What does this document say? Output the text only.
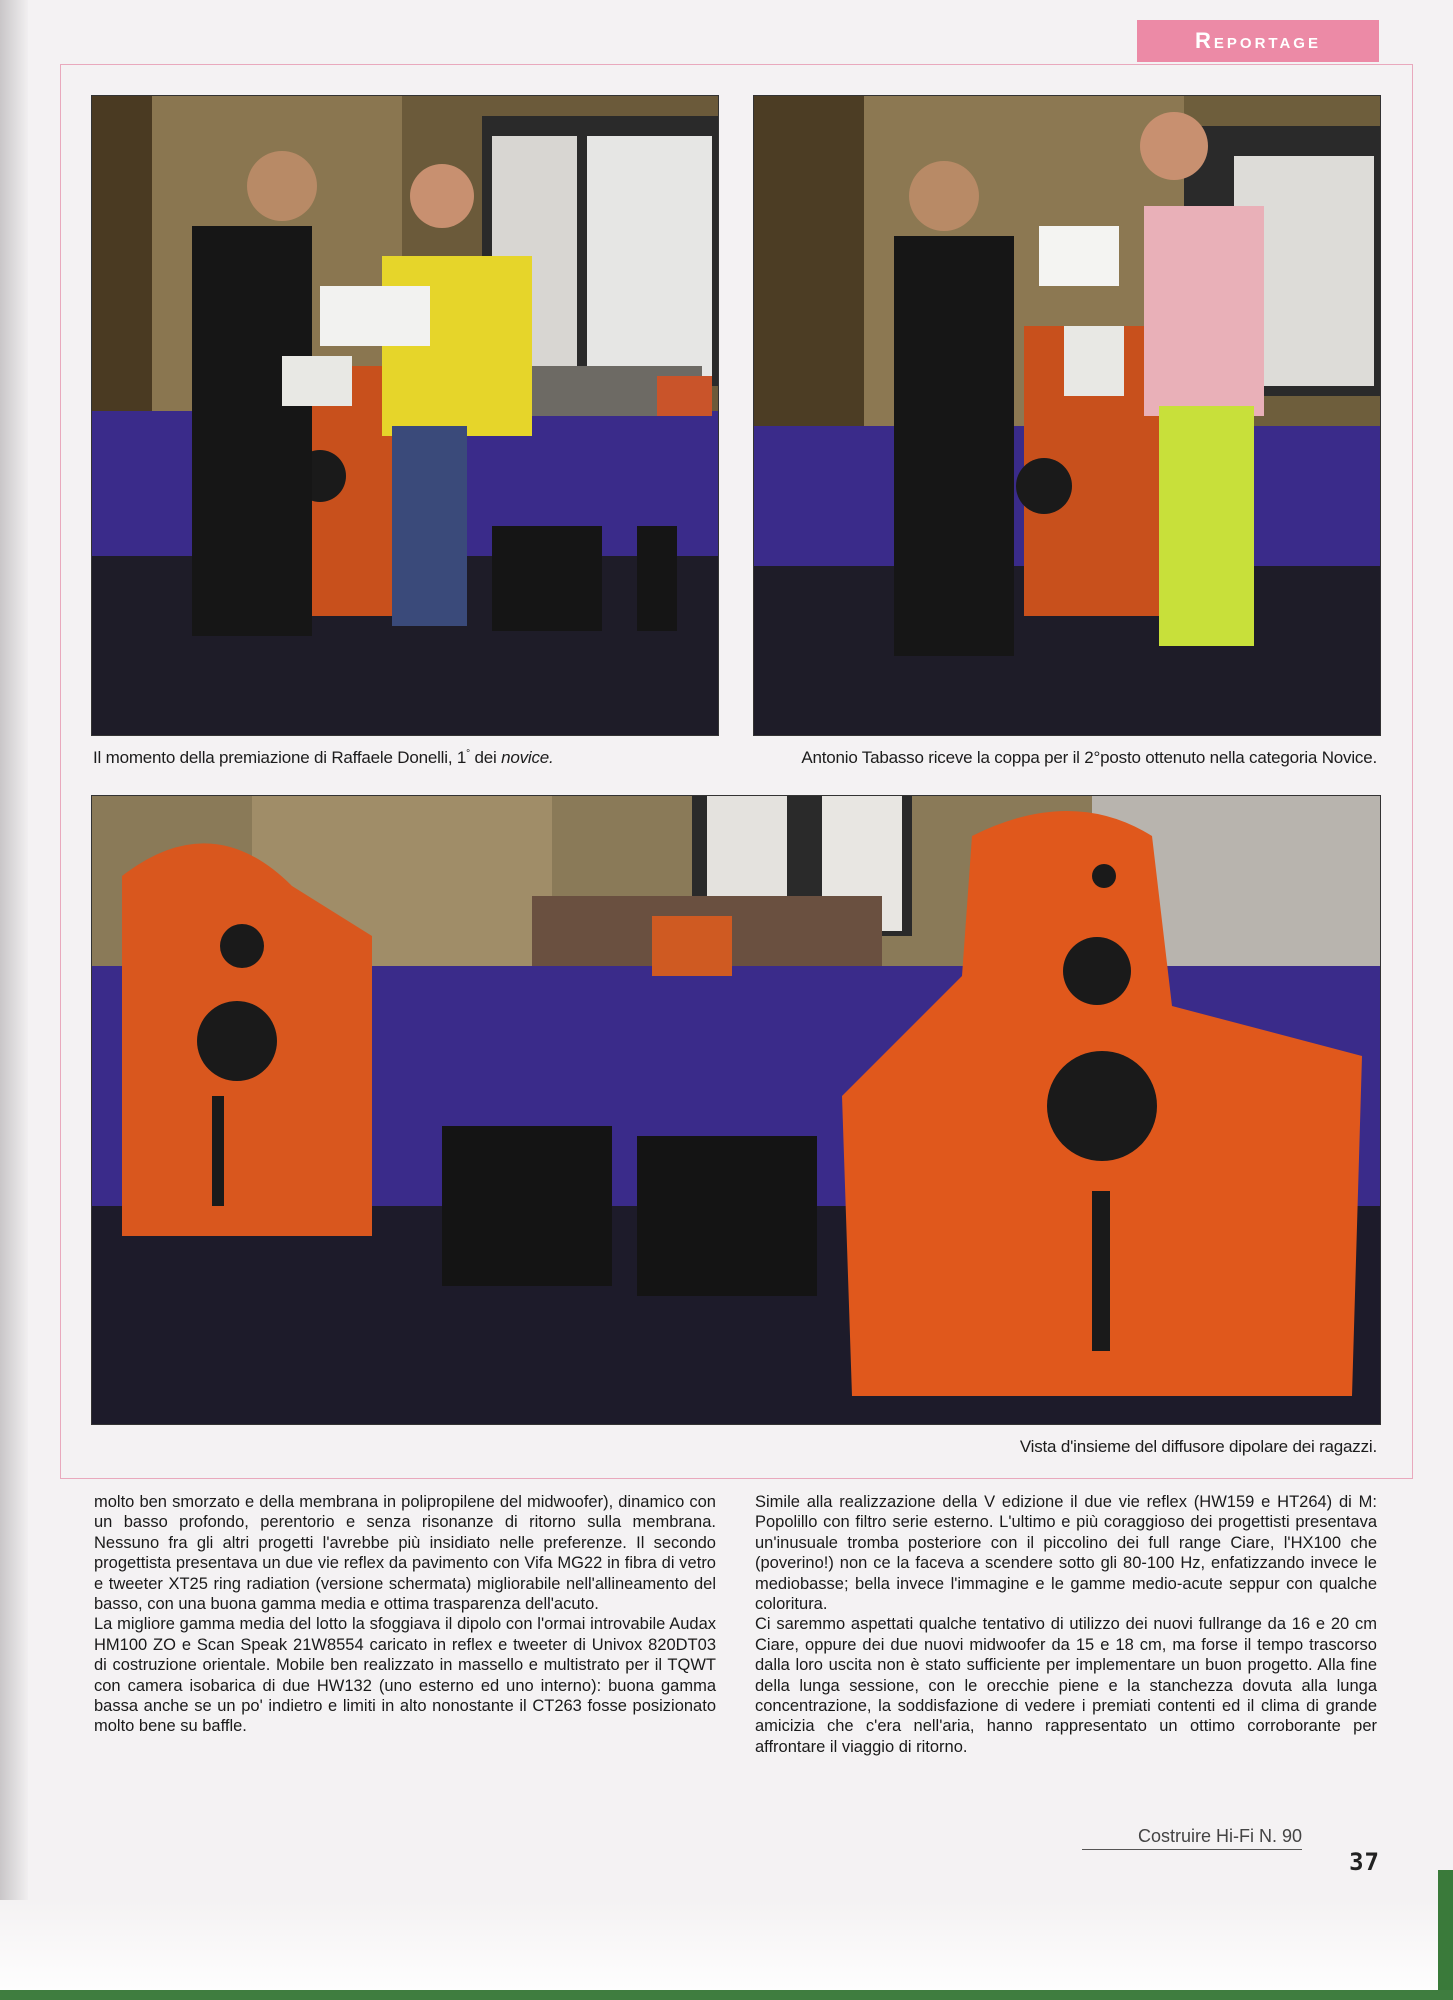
Reportage
Il momento della premiazione di Raffaele Donelli, 1° dei novice.	Antonio Tabasso riceve la coppa per il 2°posto ottenuto nella categoria Novice.
Vista d'insieme del diffusore dipolare dei ragazzi.

molto ben smorzato e della membrana in polipropilene del midwoofer), dinamico con un basso profondo, perentorio e senza risonanze di ritorno sulla membrana. Nessuno fra gli altri progetti l'avrebbe più insidiato nelle preferenze. Il secondo progettista presentava un due vie reflex da pavimento con Vifa MG22 in fibra di vetro e tweeter XT25 ring radiation (versione schermata) migliorabile nell'allineamento del basso, con una buona gamma media e ottima trasparenza dell'acuto.

La migliore gamma media del lotto la sfoggiava il dipolo con l'ormai introvabile Audax HM100 ZO e Scan Speak 21W8554 caricato in reflex e tweeter di Univox 820DT03 di costruzione orientale. Mobile ben realizzato in massello e multistrato per il TQWT con camera isobarica di due HW132 (uno esterno ed uno interno): buona gamma bassa anche se un po' indietro e limiti in alto nonostante il CT263 fosse posizionato molto bene su baffle.

Simile alla realizzazione della V edizione il due vie reflex (HW159 e HT264) di M: Popolillo con filtro serie esterno. L'ultimo e più coraggioso dei progettisti presentava un'inusuale tromba posteriore con il piccolino dei full range Ciare, l'HX100 che (poverino!) non ce la faceva a scendere sotto gli 80-100 Hz, enfatizzando invece le mediobasse; bella invece l'immagine e le gamme medio-acute seppur con qualche coloritura.

Ci saremmo aspettati qualche tentativo di utilizzo dei nuovi fullrange da 16 e 20 cm Ciare, oppure dei due nuovi midwoofer da 15 e 18 cm, ma forse il tempo trascorso dalla loro uscita non è stato sufficiente per implementare un buon progetto. Alla fine della lunga sessione, con le orecchie piene e la stanchezza dovuta alla lunga concentrazione, la soddisfazione di vedere i premiati contenti ed il clima di grande amicizia che c'era nell'aria, hanno rappresentato un ottimo corroborante per affrontare il viaggio di ritorno.

Costruire Hi-Fi N. 90
37
